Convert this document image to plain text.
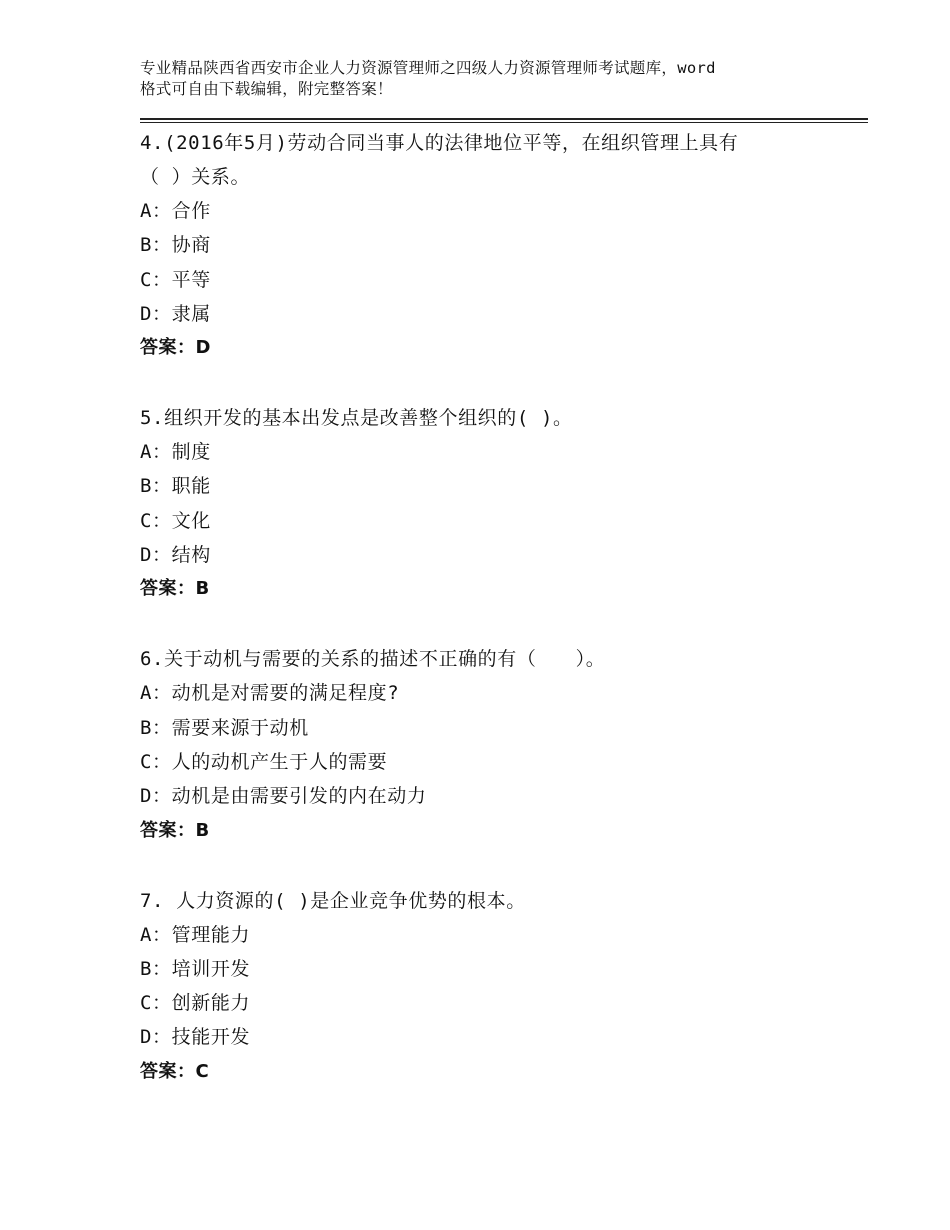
专业精品陕西省西安市企业人力资源管理师之四级人力资源管理师考试题库，word
格式可自由下载编辑，附完整答案！
4.(2016年5月)劳动合同当事人的法律地位平等，在组织管理上具有
（ ）关系。
A：合作
B：协商
C：平等
D：隶属
答案：D
5.组织开发的基本出发点是改善整个组织的( )。
A：制度
B：职能
C：文化
D：结构
答案：B
6.关于动机与需要的关系的描述不正确的有（　　）。
A：动机是对需要的满足程度?
B：需要来源于动机
C：人的动机产生于人的需要
D：动机是由需要引发的内在动力
答案：B
7. 人力资源的( )是企业竞争优势的根本。
A：管理能力
B：培训开发
C：创新能力
D：技能开发
答案：C
